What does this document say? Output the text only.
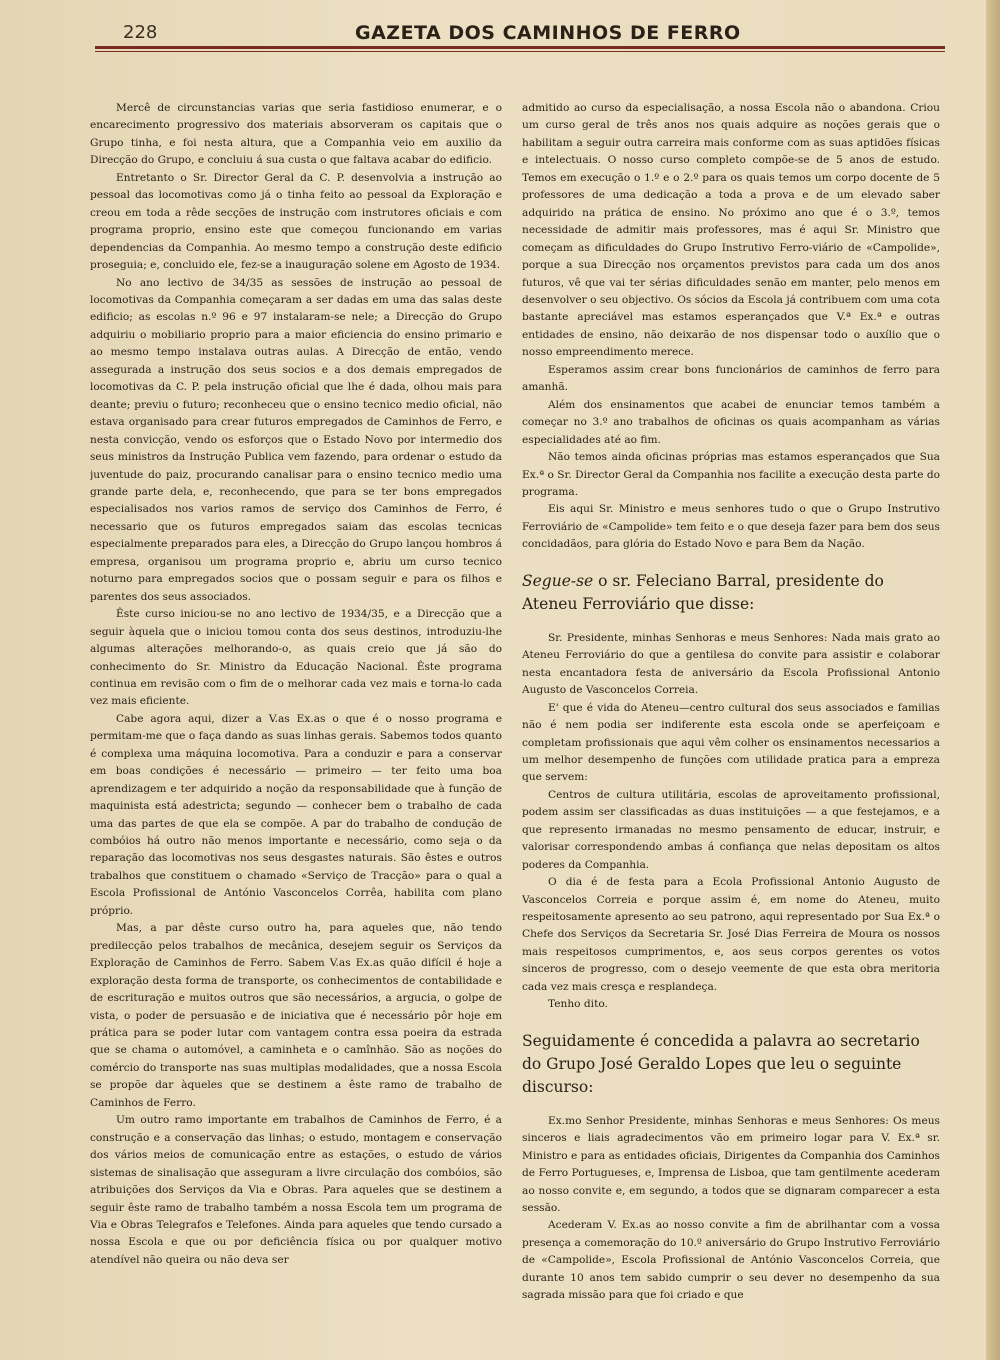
228	GAZETA DOS CAMINHOS DE FERRO

Mercê de circunstancias varias que seria fastidioso enumerar, e o encarecimento progressivo dos materiais absorveram os capitais que o Grupo tinha, e foi nesta altura, que a Companhia veio em auxilio da Direcção do Grupo, e concluiu á sua custa o que faltava acabar do edificio.

Entretanto o Sr. Director Geral da C. P. desenvolvia a instrução ao pessoal das locomotivas como já o tinha feito ao pessoal da Exploração e creou em toda a rêde secções de instrução com instrutores oficiais e com programa proprio, ensino este que começou funcionando em varias dependencias da Companhia. Ao mesmo tempo a construção deste edificio proseguia; e, concluido ele, fez-se a inauguração solene em Agosto de 1934.

No ano lectivo de 34/35 as sessões de instrução ao pessoal de locomotivas da Companhia começaram a ser dadas em uma das salas deste edificio; as escolas n.º 96 e 97 instalaram-se nele; a Direcção do Grupo adquiriu o mobiliario proprio para a maior eficiencia do ensino primario e ao mesmo tempo instalava outras aulas. A Direcção de então, vendo assegurada a instrução dos seus socios e a dos demais empregados de locomotivas da C. P. pela instrução oficial que lhe é dada, olhou mais para deante; previu o futuro; reconheceu que o ensino tecnico medio oficial, não estava organisado para crear futuros empregados de Caminhos de Ferro, e nesta convicção, vendo os esforços que o Estado Novo por intermedio dos seus ministros da Instrução Publica vem fazendo, para ordenar o estudo da juventude do paiz, procurando canalisar para o ensino tecnico medio uma grande parte dela, e, reconhecendo, que para se ter bons empregados especialisados nos varios ramos de serviço dos Caminhos de Ferro, é necessario que os futuros empregados saiam das escolas tecnicas especialmente preparados para eles, a Direcção do Grupo lançou hombros á empresa, organisou um programa proprio e, abriu um curso tecnico noturno para empregados socios que o possam seguir e para os filhos e parentes dos seus associados.

Êste curso iniciou-se no ano lectivo de 1934/35, e a Direcção que a seguir àquela que o iniciou tomou conta dos seus destinos, introduziu-lhe algumas alterações melhorando-o, as quais creio que já são do conhecimento do Sr. Ministro da Educação Nacional. Êste programa continua em revisão com o fim de o melhorar cada vez mais e torna-lo cada vez mais eficiente.

Cabe agora aqui, dizer a V.as Ex.as o que é o nosso programa e permitam-me que o faça dando as suas linhas gerais. Sabemos todos quanto é complexa uma máquina locomotiva. Para a conduzir e para a conservar em boas condições é necessário — primeiro — ter feito uma boa aprendizagem e ter adquirido a noção da responsabilidade que à função de maquinista está adestricta; segundo — conhecer bem o trabalho de cada uma das partes de que ela se compõe. A par do trabalho de condução de combóios há outro não menos importante e necessário, como seja o da reparação das locomotivas nos seus desgastes naturais. São êstes e outros trabalhos que constituem o chamado «Serviço de Tracção» para o qual a Escola Profissional de António Vasconcelos Corrêa, habilita com plano próprio.

Mas, a par dêste curso outro ha, para aqueles que, não tendo predilecção pelos trabalhos de mecânica, desejem seguir os Serviços da Exploração de Caminhos de Ferro. Sabem V.as Ex.as quão difícil é hoje a exploração desta forma de transporte, os conhecimentos de contabilidade e de escrituração e muitos outros que são necessários, a argucia, o golpe de vista, o poder de persuasão e de iniciativa que é necessário pôr hoje em prática para se poder lutar com vantagem contra essa poeira da estrada que se chama o automóvel, a caminheta e o camînhão. São as noções do comércio do transporte nas suas multiplas modalidades, que a nossa Escola se propõe dar àqueles que se destinem a êste ramo de trabalho de Caminhos de Ferro.

Um outro ramo importante em trabalhos de Caminhos de Ferro, é a construção e a conservação das linhas; o estudo, montagem e conservação dos vários meios de comunicação entre as estações, o estudo de vários sistemas de sinalisação que asseguram a livre circulação dos combóios, são atribuições dos Serviços da Via e Obras. Para aqueles que se destinem a seguir êste ramo de trabalho também a nossa Escola tem um programa de Via e Obras Telegrafos e Telefones. Ainda para aqueles que tendo cursado a nossa Escola e que ou por deficiência física ou por qualquer motivo atendível não queira ou não deva ser

admitido ao curso da especialisação, a nossa Escola não o abandona. Criou um curso geral de três anos nos quais adquire as noções gerais que o habilitam a seguir outra carreira mais conforme com as suas aptidões físicas e intelectuais. O nosso curso completo compõe-se de 5 anos de estudo. Temos em execução o 1.º e o 2.º para os quais temos um corpo docente de 5 professores de uma dedicação a toda a prova e de um elevado saber adquirido na prática de ensino. No próximo ano que é o 3.º, temos necessidade de admitir mais professores, mas é aqui Sr. Ministro que começam as dificuldades do Grupo Instrutivo Ferro-viário de «Campolide», porque a sua Direcção nos orçamentos previstos para cada um dos anos futuros, vê que vai ter sérias dificuldades senão em manter, pelo menos em desenvolver o seu objectivo. Os sócios da Escola já contribuem com uma cota bastante apreciável mas estamos esperançados que V.ª Ex.ª e outras entidades de ensino, não deixarão de nos dispensar todo o auxílio que o nosso empreendimento merece.

Esperamos assim crear bons funcionários de caminhos de ferro para amanhã.

Além dos ensinamentos que acabei de enunciar temos também a começar no 3.º ano trabalhos de oficinas os quais acompanham as várias especialidades até ao fim.

Não temos ainda oficinas próprias mas estamos esperançados que Sua Ex.ª o Sr. Director Geral da Companhia nos facilite a execução desta parte do programa.

Eis aqui Sr. Ministro e meus senhores tudo o que o Grupo Instrutivo Ferroviário de «Campolide» tem feito e o que deseja fazer para bem dos seus concidadãos, para glória do Estado Novo e para Bem da Nação.

Segue-se o sr. Feleciano Barral, presidente do Ateneu Ferroviário que disse:

Sr. Presidente, minhas Senhoras e meus Senhores: Nada mais grato ao Ateneu Ferroviário do que a gentilesa do convite para assistir e colaborar nesta encantadora festa de aniversário da Escola Profissional Antonio Augusto de Vasconcelos Correia.

E' que é vida do Ateneu—centro cultural dos seus associados e familias não é nem podia ser indiferente esta escola onde se aperfeiçoam e completam profissionais que aqui vêm colher os ensinamentos necessarios a um melhor desempenho de funções com utilidade pratica para a empreza que servem:

Centros de cultura utilitária, escolas de aproveitamento profissional, podem assim ser classificadas as duas instituições — a que festejamos, e a que represento irmanadas no mesmo pensamento de educar, instruir, e valorisar correspondendo ambas á confiança que nelas depositam os altos poderes da Companhia.

O dia é de festa para a Ecola Profissional Antonio Augusto de Vasconcelos Correia e porque assim é, em nome do Ateneu, muito respeitosamente apresento ao seu patrono, aqui representado por Sua Ex.ª o Chefe dos Serviços da Secretaria Sr. José Dias Ferreira de Moura os nossos mais respeitosos cumprimentos, e, aos seus corpos gerentes os votos sinceros de progresso, com o desejo veemente de que esta obra meritoria cada vez mais cresça e resplandeça.

Tenho dito.

Seguidamente é concedida a palavra ao secretario do Grupo José Geraldo Lopes que leu o seguinte discurso:

Ex.mo Senhor Presidente, minhas Senhoras e meus Senhores: Os meus sinceros e liais agradecimentos vão em primeiro logar para V. Ex.ª sr. Ministro e para as entidades oficiais, Dirigentes da Companhia dos Caminhos de Ferro Portugueses, e, Imprensa de Lisboa, que tam gentilmente acederam ao nosso convite e, em segundo, a todos que se dignaram comparecer a esta sessão.

Acederam V. Ex.as ao nosso convite a fim de abrilhantar com a vossa presença a comemoração do 10.º aniversário do Grupo Instrutivo Ferroviário de «Campolide», Escola Profissional de António Vasconcelos Correia, que durante 10 anos tem sabido cumprir o seu dever no desempenho da sua sagrada missão para que foi criado e que
